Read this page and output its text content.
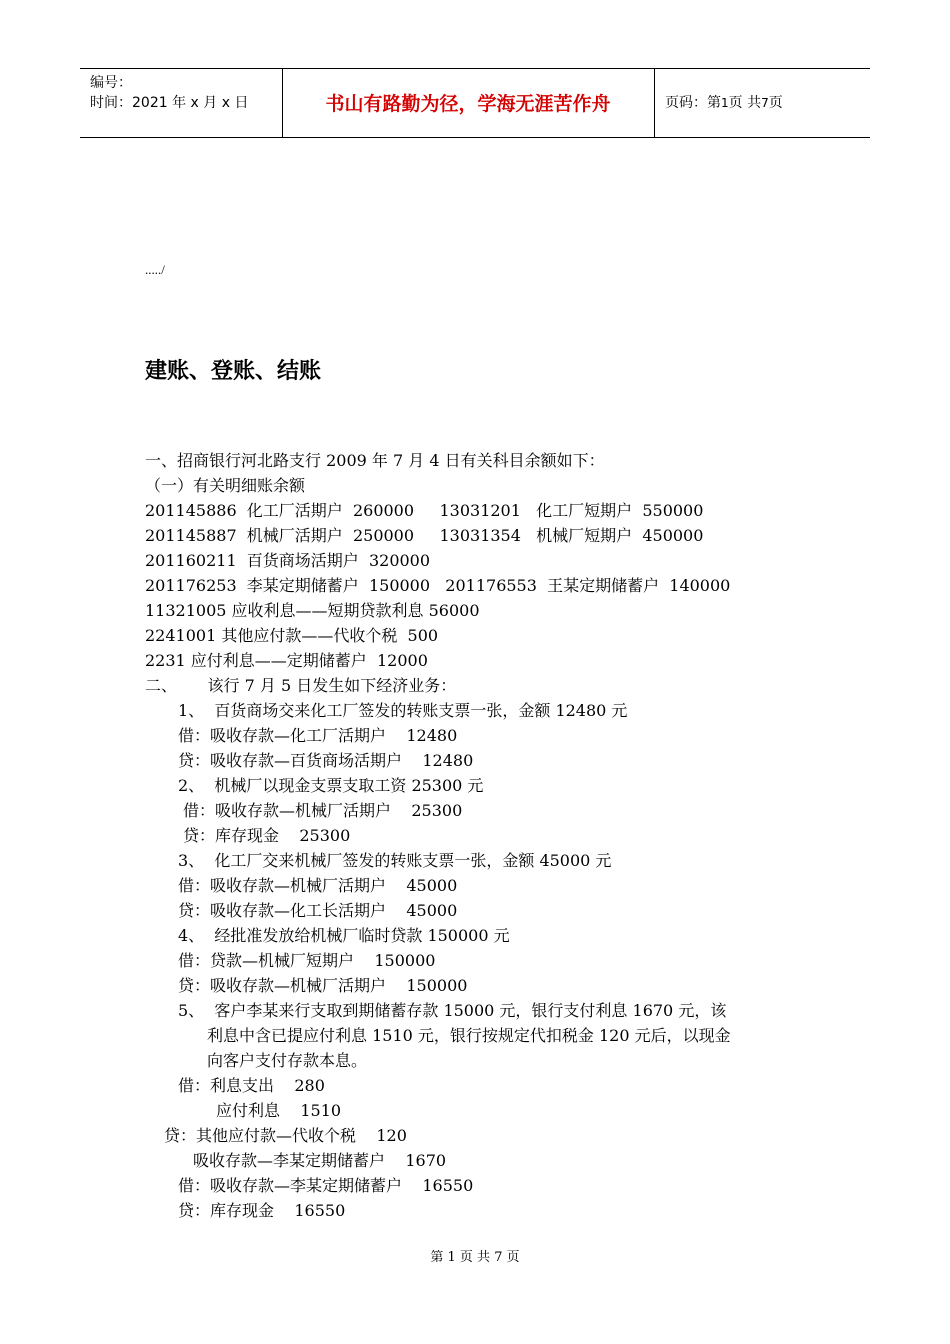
编号：
时间：2021 年 x 月 x 日	书山有路勤为径，学海无涯苦作舟	页码：第1页 共7页
...../
建账、登账、结账
一、招商银行河北路支行 2009 年 7 月 4 日有关科目余额如下：
（一）有关明细账余额
201145886  化工厂活期户  260000     13031201   化工厂短期户  550000
201145887  机械厂活期户  250000     13031354   机械厂短期户  450000
201160211  百货商场活期户  320000
201176253  李某定期储蓄户  150000   201176553  王某定期储蓄户  140000
11321005 应收利息——短期贷款利息 56000
2241001 其他应付款——代收个税  500
2231 应付利息——定期储蓄户  12000
二、      该行 7 月 5 日发生如下经济业务：
1、  百货商场交来化工厂签发的转账支票一张，金额 12480 元
借：吸收存款—化工厂活期户    12480
贷：吸收存款—百货商场活期户    12480
2、  机械厂以现金支票支取工资 25300 元
借：吸收存款—机械厂活期户    25300
贷：库存现金    25300
3、  化工厂交来机械厂签发的转账支票一张，金额 45000 元
借：吸收存款—机械厂活期户    45000
贷：吸收存款—化工长活期户    45000
4、  经批准发放给机械厂临时贷款 150000 元
借：贷款—机械厂短期户    150000
贷：吸收存款—机械厂活期户    150000
5、  客户李某来行支取到期储蓄存款 15000 元，银行支付利息 1670 元，该
利息中含已提应付利息 1510 元，银行按规定代扣税金 120 元后，以现金
向客户支付存款本息。
借：利息支出    280
应付利息    1510
贷：其他应付款—代收个税    120
吸收存款—李某定期储蓄户    1670
借：吸收存款—李某定期储蓄户    16550
贷：库存现金    16550
第 1 页 共 7 页
